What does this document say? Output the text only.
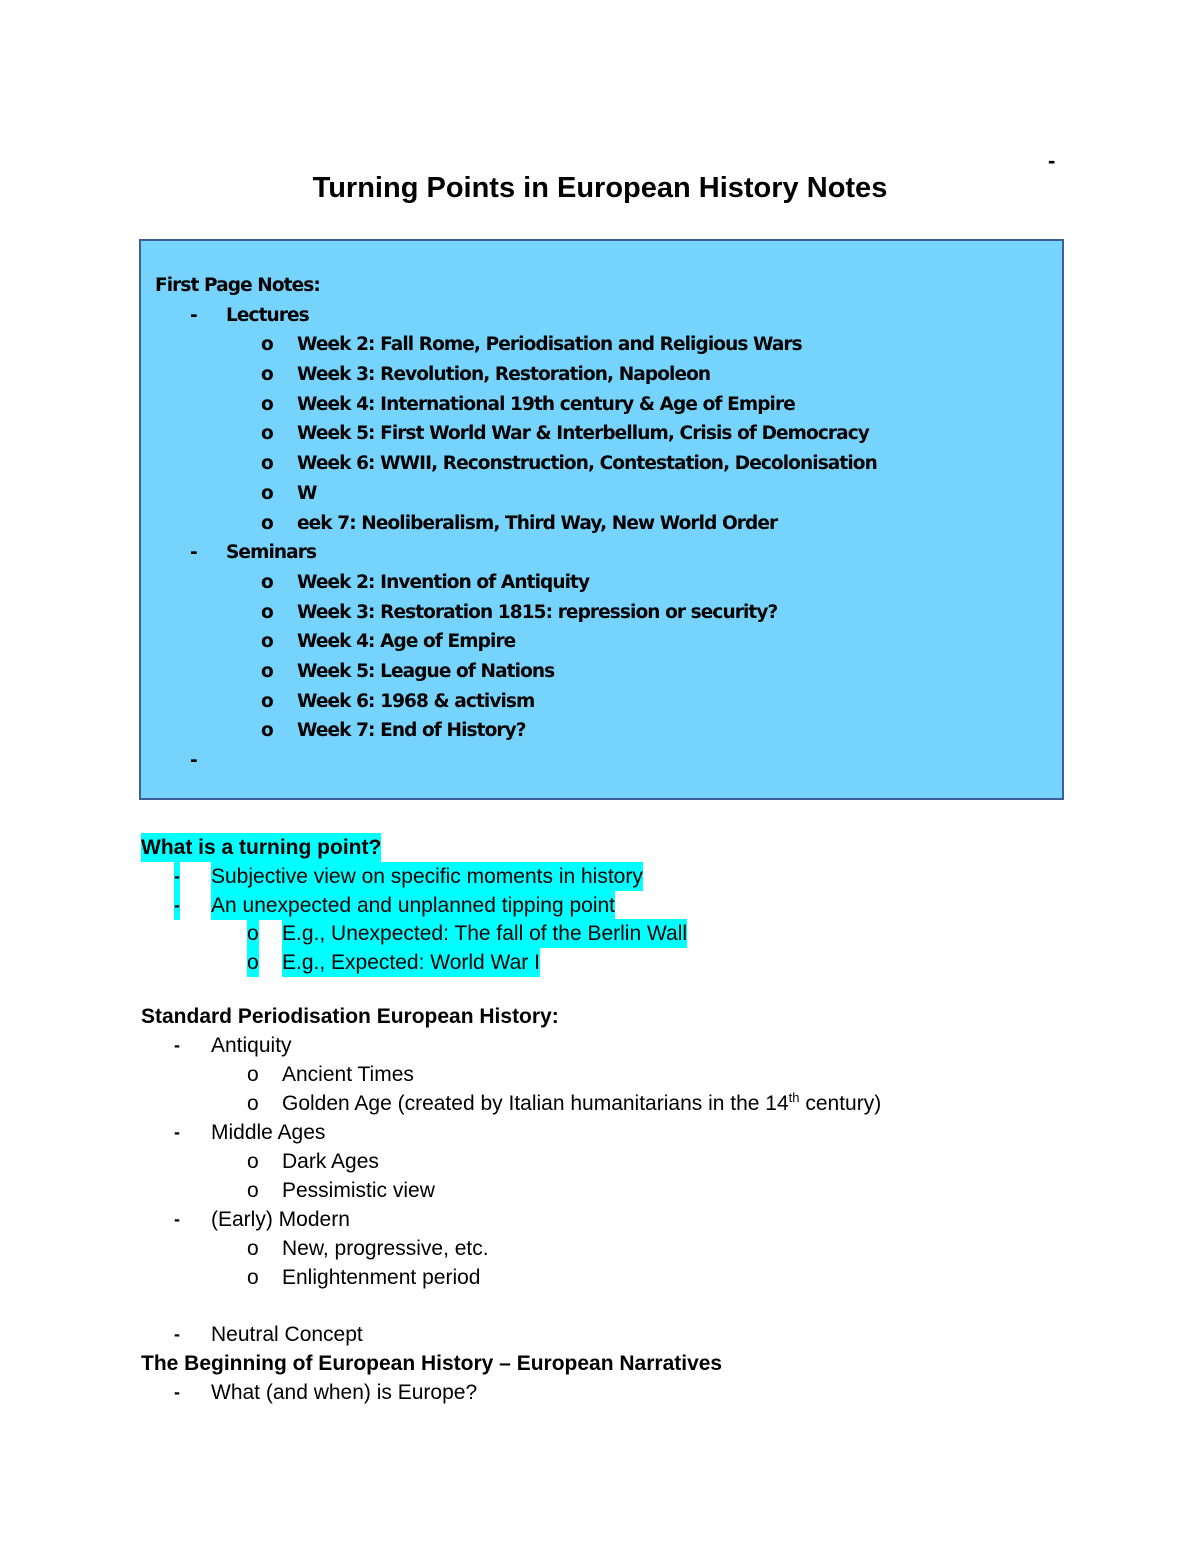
-
Turning Points in European History Notes
First Page Notes:
- Lectures
o Week 2: Fall Rome, Periodisation and Religious Wars
o Week 3: Revolution, Restoration, Napoleon
o Week 4: International 19th century & Age of Empire
o Week 5: First World War & Interbellum, Crisis of Democracy
o Week 6: WWII, Reconstruction, Contestation, Decolonisation
o W
o eek 7: Neoliberalism, Third Way, New World Order
- Seminars
o Week 2: Invention of Antiquity
o Week 3: Restoration 1815: repression or security?
o Week 4: Age of Empire
o Week 5: League of Nations
o Week 6: 1968 & activism
o Week 7: End of History?
-
What is a turning point?
- Subjective view on specific moments in history
- An unexpected and unplanned tipping point
o E.g., Unexpected: The fall of the Berlin Wall
o E.g., Expected: World War I
Standard Periodisation European History:
- Antiquity
o Ancient Times
o Golden Age (created by Italian humanitarians in the 14th century)
- Middle Ages
o Dark Ages
o Pessimistic view
- (Early) Modern
o New, progressive, etc.
o Enlightenment period
- Neutral Concept
The Beginning of European History – European Narratives
- What (and when) is Europe?
